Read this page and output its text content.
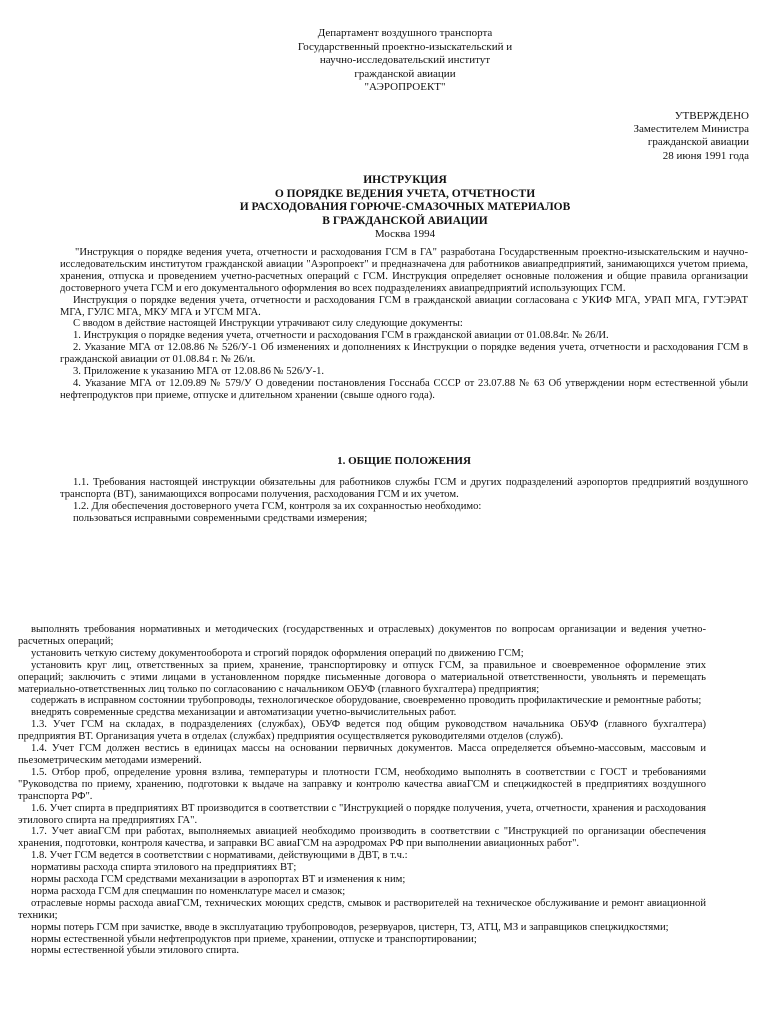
Департамент воздушного транспорта
Государственный проектно-изыскательский и
научно-исследовательский институт
гражданской авиации
"АЭРОПРОЕКТ"
УТВЕРЖДЕНО
Заместителем Министра
гражданской авиации
28 июня 1991 года
ИНСТРУКЦИЯ
О ПОРЯДКЕ ВЕДЕНИЯ УЧЕТА, ОТЧЕТНОСТИ
И РАСХОДОВАНИЯ ГОРЮЧЕ-СМАЗОЧНЫХ МАТЕРИАЛОВ
В ГРАЖДАНСКОЙ АВИАЦИИ
Москва 1994

"Инструкция о порядке ведения учета, отчетности и расходования ГСМ в ГА" разработана Государственным проектно-изыскательским и научно-исследовательским институтом гражданской авиации "Аэропроект" и предназначена для работников авиапредприятий, занимающихся учетом приема, хранения, отпуска и проведением учетно-расчетных операций с ГСМ. Инструкция определяет основные положения и общие правила организации достоверного учета ГСМ и его документального оформления во всех подразделениях авиапредприятий использующих ГСМ.

Инструкция о порядке ведения учета, отчетности и расходования ГСМ в гражданской авиации согласована с УКИФ МГА, УРАП МГА, ГУТЭРАТ МГА, ГУЛС МГА, МКУ МГА и УГСМ МГА.

С вводом в действие настоящей Инструкции утрачивают силу следующие документы:

1. Инструкция о порядке ведения учета, отчетности и расходования ГСМ в гражданской авиации от 01.08.84г. № 26/И.

2. Указание МГА от 12.08.86 № 526/У-1 Об изменениях и дополнениях к Инструкции о порядке ведения учета, отчетности и расходования ГСМ в гражданской авиации от 01.08.84 г. № 26/и.

3. Приложение к указанию МГА от 12.08.86 № 526/У-1.

4. Указание МГА от 12.09.89 № 579/У О доведении постановления Госснаба СССР от 23.07.88 № 63 Об утверждении норм естественной убыли нефтепродуктов при приеме, отпуске и длительном хранении (свыше одного года).

1. ОБЩИЕ ПОЛОЖЕНИЯ

1.1. Требования настоящей инструкции обязательны для работников службы ГСМ и других подразделений аэропортов предприятий воздушного транспорта (ВТ), занимающихся вопросами получения, расходования ГСМ и их учетом.

1.2. Для обеспечения достоверного учета ГСМ, контроля за их сохранностью необходимо:

пользоваться исправными современными средствами измерения;

выполнять требования нормативных и методических (государственных и отраслевых) документов по вопросам организации и ведения учетно-расчетных операций;

установить четкую систему документооборота и строгий порядок оформления операций по движению ГСМ;

установить круг лиц, ответственных за прием, хранение, транспортировку и отпуск ГСМ, за правильное и своевременное оформление этих операций; заключить с этими лицами в установленном порядке письменные договора о материальной ответственности, увольнять и перемещать материально-ответственных лиц только по согласованию с начальником ОБУФ (главного бухгалтера) предприятия;

содержать в исправном состоянии трубопроводы, технологическое оборудование, своевременно проводить профилактические и ремонтные работы;

внедрять современные средства механизации и автоматизации учетно-вычислительных работ.

1.3. Учет ГСМ на складах, в подразделениях (службах), ОБУФ ведется под общим руководством начальника ОБУФ (главного бухгалтера) предприятия ВТ. Организация учета в отделах (службах) предприятия осуществляется руководителями отделов (служб).

1.4. Учет ГСМ должен вестись в единицах массы на основании первичных документов. Масса определяется объемно-массовым, массовым и пьезометрическим методами измерений.

1.5. Отбор проб, определение уровня взлива, температуры и плотности ГСМ, необходимо выполнять в соответствии с ГОСТ и требованиями "Руководства по приему, хранению, подготовки к выдаче на заправку и контролю качества авиаГСМ и спецжидкостей в предприятиях воздушного транспорта РФ".

1.6. Учет спирта в предприятиях ВТ производится в соответствии с "Инструкцией о порядке получения, учета, отчетности, хранения и расходования этилового спирта на предприятиях ГА".

1.7. Учет авиаГСМ при работах, выполняемых авиацией необходимо производить в соответствии с "Инструкцией по организации обеспечения хранения, подготовки, контроля качества, и заправки ВС авиаГСМ на аэродромах РФ при выполнении авиационных работ".

1.8. Учет ГСМ ведется в соответствии с нормативами, действующими в ДВТ, в т.ч.:

нормативы расхода спирта этилового на предприятиях ВТ;

нормы расхода ГСМ средствами механизации в аэропортах ВТ и изменения к ним;

норма расхода ГСМ для спецмашин по номенклатуре масел и смазок;

отраслевые нормы расхода авиаГСМ, технических моющих средств, смывок и растворителей на техническое обслуживание и ремонт авиационной техники;

нормы потерь ГСМ при зачистке, вводе в эксплуатацию трубопроводов, резервуаров, цистерн, ТЗ, АТЦ, МЗ и заправщиков спецжидкостями;

нормы естественной убыли нефтепродуктов при приеме, хранении, отпуске и транспортировании;

нормы естественной убыли этилового спирта.
